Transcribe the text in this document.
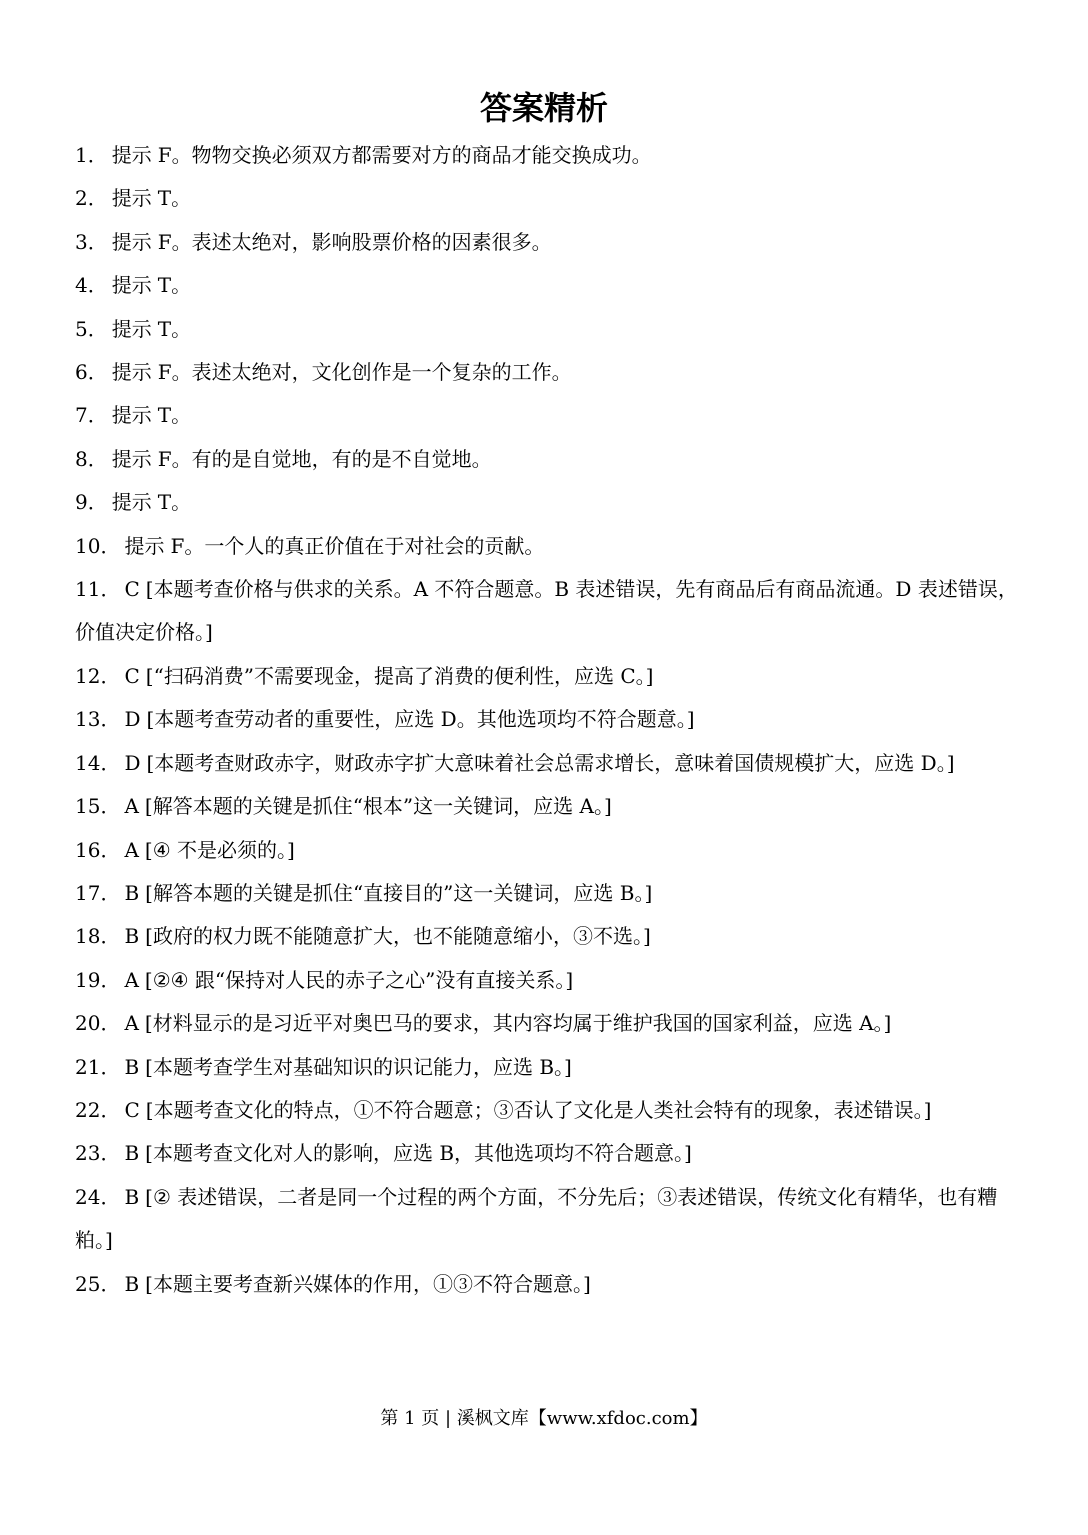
答案精析
1． 提示 F。物物交换必须双方都需要对方的商品才能交换成功。
2． 提示 T。
3． 提示 F。表述太绝对，影响股票价格的因素很多。
4． 提示 T。
5． 提示 T。
6． 提示 F。表述太绝对，文化创作是一个复杂的工作。
7． 提示 T。
8． 提示 F。有的是自觉地，有的是不自觉地。
9． 提示 T。
10． 提示 F。一个人的真正价值在于对社会的贡献。
11． C [本题考查价格与供求的关系。A 不符合题意。B 表述错误，先有商品后有商品流通。D 表述错误，价值决定价格。]
12． C [“扫码消费”不需要现金，提高了消费的便利性，应选 C。]
13． D [本题考查劳动者的重要性，应选 D。其他选项均不符合题意。]
14． D [本题考查财政赤字，财政赤字扩大意味着社会总需求增长，意味着国债规模扩大，应选 D。]
15． A [解答本题的关键是抓住“根本”这一关键词，应选 A。]
16． A [④ 不是必须的。]
17． B [解答本题的关键是抓住“直接目的”这一关键词，应选 B。]
18． B [政府的权力既不能随意扩大，也不能随意缩小，③不选。]
19． A [②④ 跟“保持对人民的赤子之心”没有直接关系。]
20． A [材料显示的是习近平对奥巴马的要求，其内容均属于维护我国的国家利益，应选 A。]
21． B [本题考查学生对基础知识的识记能力，应选 B。]
22． C [本题考查文化的特点，①不符合题意；③否认了文化是人类社会特有的现象，表述错误。]
23． B [本题考查文化对人的影响，应选 B，其他选项均不符合题意。]
24． B [② 表述错误，二者是同一个过程的两个方面，不分先后；③表述错误，传统文化有精华，也有糟粕。]
25． B [本题主要考查新兴媒体的作用，①③不符合题意。]
第 1 页 | 溪枫文库【www.xfdoc.com】
